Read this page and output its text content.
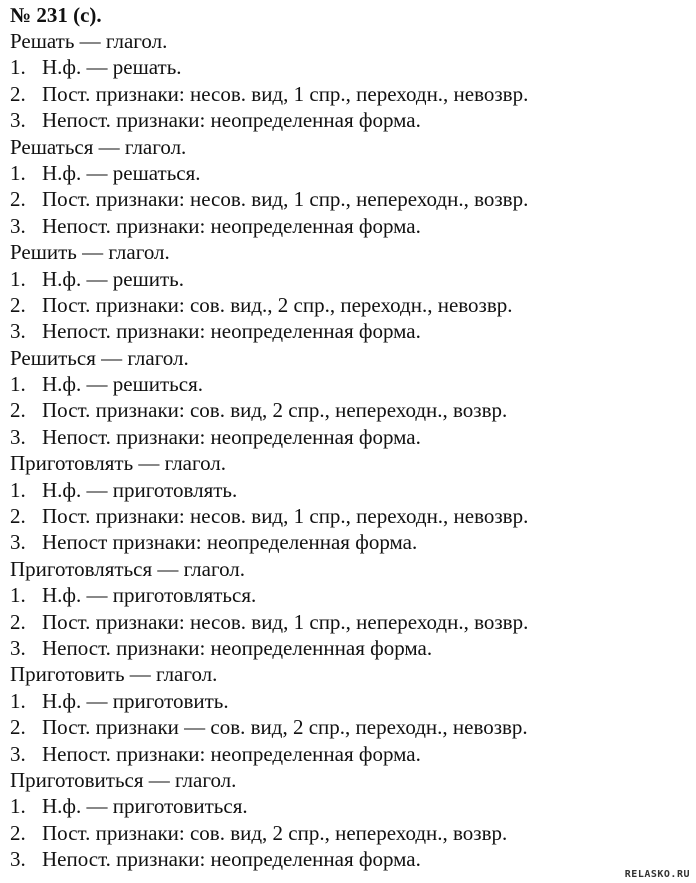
№ 231 (с).
Решать — глагол.
1. Н.ф. — решать.
2. Пост. признаки: несов. вид, 1 спр., переходн., невозвр.
3. Непост. признаки: неопределенная форма.
Решаться — глагол.
1. Н.ф. — решаться.
2. Пост. признаки: несов. вид, 1 спр., непереходн., возвр.
3. Непост. признаки: неопределенная форма.
Решить — глагол.
1. Н.ф. — решить.
2. Пост. признаки: сов. вид., 2 спр., переходн., невозвр.
3. Непост. признаки: неопределенная форма.
Решиться — глагол.
1. Н.ф. — решиться.
2. Пост. признаки: сов. вид, 2 спр., непереходн., возвр.
3. Непост. признаки: неопределенная форма.
Приготовлять — глагол.
1. Н.ф. — приготовлять.
2. Пост. признаки: несов. вид, 1 спр., переходн., невозвр.
3. Непост признаки: неопределенная форма.
Приготовляться — глагол.
1. Н.ф. — приготовляться.
2. Пост. признаки: несов. вид, 1 спр., непереходн., возвр.
3. Непост. признаки: неопределеннная форма.
Приготовить — глагол.
1. Н.ф. — приготовить.
2. Пост. признаки — сов. вид, 2 спр., переходн., невозвр.
3. Непост. признаки: неопределенная форма.
Приготовиться — глагол.
1. Н.ф. — приготовиться.
2. Пост. признаки: сов. вид, 2 спр., непереходн., возвр.
3. Непост. признаки: неопределенная форма.
RELASKO.RU
